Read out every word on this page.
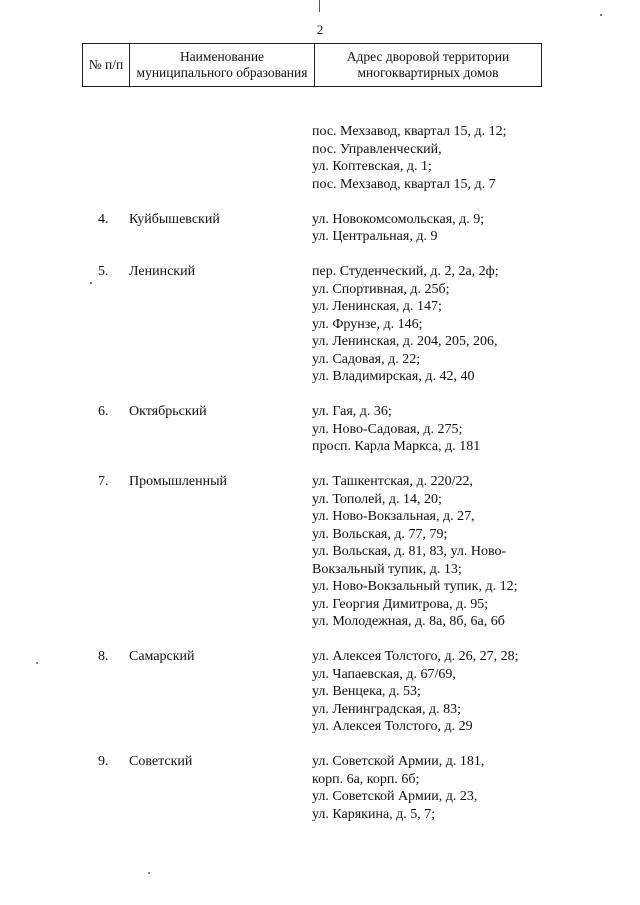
2
№ п/п	Наименование муниципального образования	Адрес дворовой территории многоквартирных домов
пос. Мехзавод, квартал 15, д. 12;
пос. Управленческий,
ул. Коптевская, д. 1;
пос. Мехзавод, квартал 15, д. 7
4. Куйбышевский	ул. Новокомсомольская, д. 9;
ул. Центральная, д. 9
5. Ленинский	пер. Студенческий, д. 2, 2а, 2ф;
ул. Спортивная, д. 25б;
ул. Ленинская, д. 147;
ул. Фрунзе, д. 146;
ул. Ленинская, д. 204, 205, 206,
ул. Садовая, д. 22;
ул. Владимирская, д. 42, 40
6. Октябрьский	ул. Гая, д. 36;
ул. Ново-Садовая, д. 275;
просп. Карла Маркса, д. 181
7. Промышленный	ул. Ташкентская, д. 220/22,
ул. Тополей, д. 14, 20;
ул. Ново-Вокзальная, д. 27,
ул. Вольская, д. 77, 79;
ул. Вольская, д. 81, 83, ул. Ново-
Вокзальный тупик, д. 13;
ул. Ново-Вокзальный тупик, д. 12;
ул. Георгия Димитрова, д. 95;
ул. Молодежная, д. 8а, 8б, 6а, 6б
8. Самарский	ул. Алексея Толстого, д. 26, 27, 28;
ул. Чапаевская, д. 67/69,
ул. Венцека, д. 53;
ул. Ленинградская, д. 83;
ул. Алексея Толстого, д. 29
9. Советский	ул. Советской Армии, д. 181,
корп. 6а, корп. 6б;
ул. Советской Армии, д. 23,
ул. Карякина, д. 5, 7;
